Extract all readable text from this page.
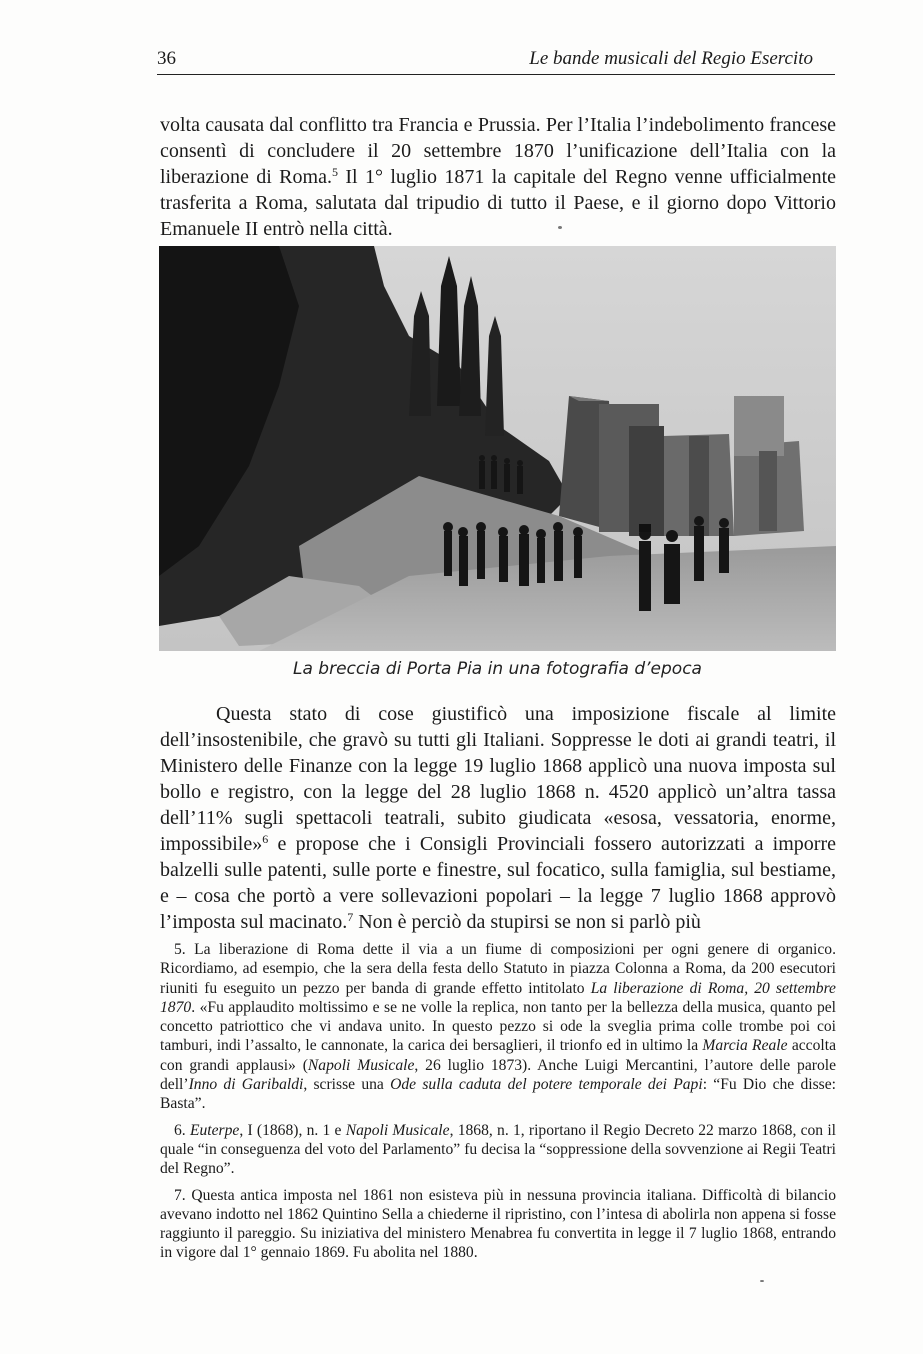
36	Le bande musicali del Regio Esercito

volta causata dal conflitto tra Francia e Prussia. Per l’Italia l’indebolimento francese consentì di concludere il 20 settembre 1870 l’unificazione dell’Italia con la liberazione di Roma.$^5$ Il 1° luglio 1871 la capitale del Regno venne ufficialmente trasferita a Roma, salutata dal tripudio di tutto il Paese, e il giorno dopo Vittorio Emanuele II entrò nella città.

La breccia di Porta Pia in una fotografia d’epoca

Questa stato di cose giustificò una imposizione fiscale al limite dell’insostenibile, che gravò su tutti gli Italiani. Soppresse le doti ai grandi teatri, il Ministero delle Finanze con la legge 19 luglio 1868 applicò una nuova imposta sul bollo e registro, con la legge del 28 luglio 1868 n. 4520 applicò un’altra tassa dell’11% sugli spettacoli teatrali, subito giudicata «esosa, vessatoria, enorme, impossibile»$^6$ e propose che i Consigli Provinciali fossero autorizzati a imporre balzelli sulle patenti, sulle porte e finestre, sul focatico, sulla famiglia, sul bestiame, e – cosa che portò a vere sollevazioni popolari – la legge 7 luglio 1868 approvò l’imposta sul macinato.$^7$ Non è perciò da stupirsi se non si parlò più

5. La liberazione di Roma dette il via a un fiume di composizioni per ogni genere di organico. Ricordiamo, ad esempio, che la sera della festa dello Statuto in piazza Colonna a Roma, da 200 esecutori riuniti fu eseguito un pezzo per banda di grande effetto intitolato La liberazione di Roma, 20 settembre 1870. «Fu applaudito moltissimo e se ne volle la replica, non tanto per la bellezza della musica, quanto pel concetto patriottico che vi andava unito. In questo pezzo si ode la sveglia prima colle trombe poi coi tamburi, indi l’assalto, le cannonate, la carica dei bersaglieri, il trionfo ed in ultimo la Marcia Reale accolta con grandi applausi» (Napoli Musicale, 26 luglio 1873). Anche Luigi Mercantini, l’autore delle parole dell’Inno di Garibaldi, scrisse una Ode sulla caduta del potere temporale dei Papi: “Fu Dio che disse: Basta”.

6. Euterpe, I (1868), n. 1 e Napoli Musicale, 1868, n. 1, riportano il Regio Decreto 22 marzo 1868, con il quale “in conseguenza del voto del Parlamento” fu decisa la “soppressione della sovvenzione ai Regii Teatri del Regno”.

7. Questa antica imposta nel 1861 non esisteva più in nessuna provincia italiana. Difficoltà di bilancio avevano indotto nel 1862 Quintino Sella a chiederne il ripristino, con l’intesa di abolirla non appena si fosse raggiunto il pareggio. Su iniziativa del ministero Menabrea fu convertita in legge il 7 luglio 1868, entrando in vigore dal 1° gennaio 1869. Fu abolita nel 1880.
